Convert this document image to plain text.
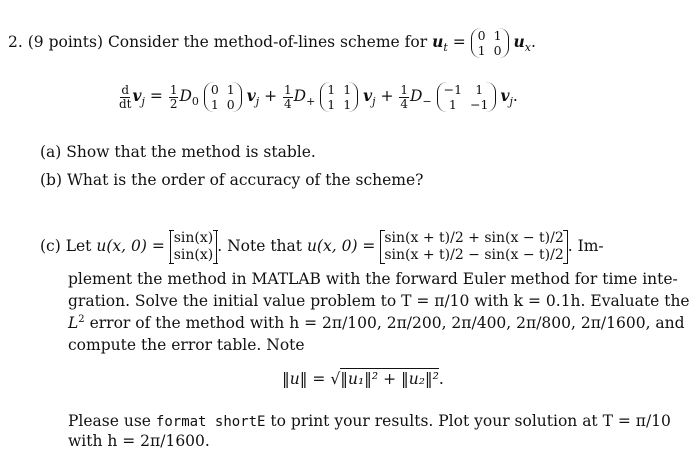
2. (9 points) Consider the method-of-lines scheme for $u_t = 0$ 1
1 0 $u_x$.
$\frac{d}{dt} v_j = \frac{1}{2} D_0$
0 1
1 0 $v_j + \frac{1}{4} D_+$
1 1
1 1 $v_j + \frac{1}{4} D_-$
−1	1
1	−1 $v_j$.
(a) Show that the method is stable.
(b) What is the order of accuracy of the scheme?
(c) Let u(x, 0) = sin(x)
sin(x) . Note that u(x, 0) = sin(x + t)/2 + sin(x − t)/2
sin(x + t)/2 − sin(x − t)/2 . Im-
plement the method in MATLAB with the forward Euler method for time inte-
gration. Solve the initial value problem to T = π/10 with k = 0.1h. Evaluate the
$L^2$ error of the method with h = 2π/100, 2π/200, 2π/400, 2π/800, 2π/1600, and
compute the error table. Note
‖u‖ = √‖u₁‖² + ‖u₂‖².
Please use format shortE to print your results. Plot your solution at T = π/10
with h = 2π/1600.
